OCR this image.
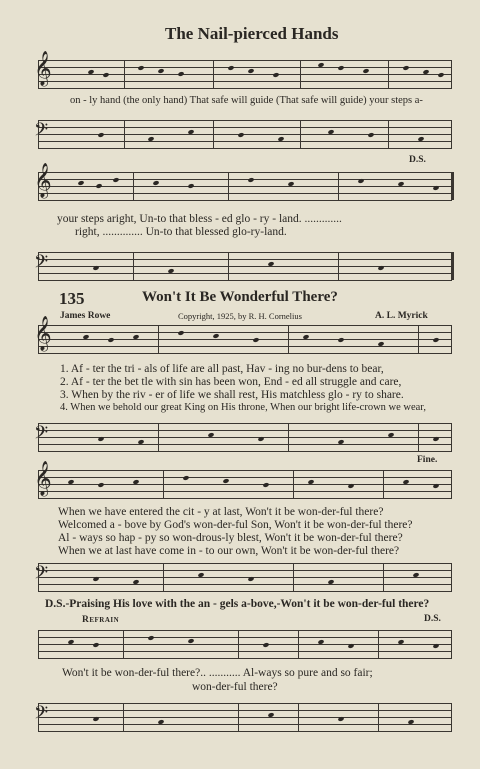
The Nail-pierced Hands
𝄞
on - ly hand (the only hand) That safe will guide (That safe will guide) your steps a-
𝄢
D.S.
𝄞
your steps aright, Un-to that bless - ed glo - ry - land. .............
right, .............. Un-to that blessed glo-ry-land.
𝄢
135	Won't It Be Wonderful There?
James Rowe	Copyright, 1925, by R. H. Cornelius	A. L. Myrick
𝄞
1. Af - ter the tri - als of life are all past, Hav - ing no bur-dens to bear,
2. Af - ter the bet tle with sin has been won, End - ed all struggle and care,
3. When by the riv - er of life we shall rest, His matchless glo - ry to share.
4. When we behold our great King on His throne, When our bright life-crown we wear,
𝄢
Fine.
𝄞
When we have entered the cit - y at last, Won't it be won-der-ful there?
Welcomed a - bove by God's won-der-ful Son, Won't it be won-der-ful there?
Al - ways so hap - py so won-drous-ly blest, Won't it be won-der-ful there?
When we at last have come in - to our own, Won't it be won-der-ful there?
𝄢
D.S.-Praising His love with the an - gels a-bove,-Won't it be won-der-ful there?
Refrain	D.S.
Won't it be won-der-ful there?.. ........... Al-ways so pure and so fair;
won-der-ful there?
𝄢
